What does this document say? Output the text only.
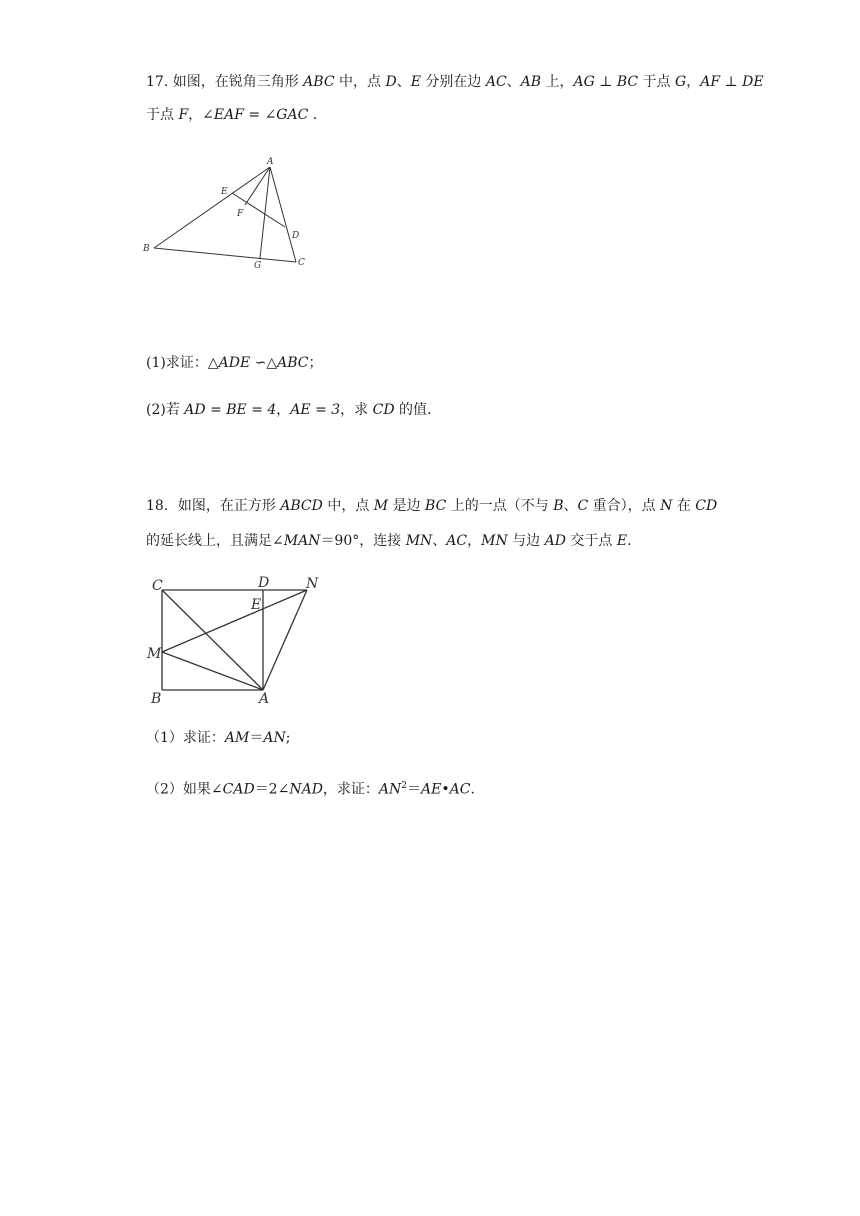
17. 如图，在锐角三角形 ABC 中，点 D、E 分别在边 AC、AB 上，AG ⊥ BC 于点 G，AF ⊥ DE
于点 F，∠EAF = ∠GAC .
A
B
C
D
E
F
G
(1)求证：△ADE ∽△ABC；
(2)若 AD = BE = 4，AE = 3，求 CD 的值.
18．如图，在正方形 ABCD 中，点 M 是边 BC 上的一点（不与 B、C 重合），点 N 在 CD
的延长线上，且满足∠MAN＝90°，连接 MN、AC，MN 与边 AD 交于点 E.
C	D	N
E
M
B	A
（1）求证：AM＝AN;
（2）如果∠CAD＝2∠NAD，求证：$AN^2=AE•AC$.
